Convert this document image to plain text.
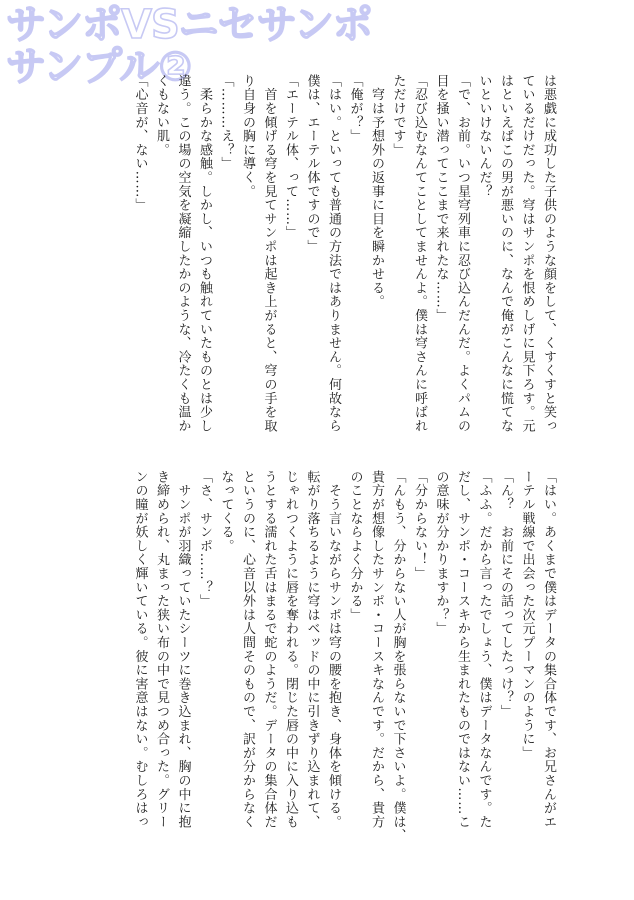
サンポVSニセサンポ
サンプル②
は悪戯に成功した子供のような顔をして、くすくすと笑っ
ているだけだった。穹はサンポを恨めしげに見下ろす。元
はといえばこの男が悪いのに、なんで俺がこんなに慌てな
いといけないんだ？
「で、お前。いつ星穹列車に忍び込んだんだ。よくパムの
目を掻い潜ってここまで来れたな……」
「忍び込むなんてことしてませんよ。僕は穹さんに呼ばれ
ただけです」
　穹は予想外の返事に目を瞬かせる。
「俺が？」
「はい。といっても普通の方法ではありません。何故なら
僕は、エーテル体ですので」
「エーテル体、って……」
　首を傾げる穹を見てサンポは起き上がると、穹の手を取
り自身の胸に導く。
「………え？」
　柔らかな感触。しかし、いつも触れていたものとは少し
違う。この場の空気を凝縮したかのような、冷たくも温か
くもない肌。
「心音が、ない……」
「はい。あくまで僕はデータの集合体です、お兄さんがエ
ーテル戦線で出会った次元プーマンのように」
「ん？　お前にその話ってしたっけ？」
「ふふ。だから言ったでしょう、僕はデータなんです。た
だし、サンポ・コースキから生まれたものではない……こ
の意味が分かりますか？」
「分からない！」
「んもう、分からない人が胸を張らないで下さいよ。僕は、
貴方が想像したサンポ・コースキなんです。だから、貴方
のことならよく分かる」
　そう言いながらサンポは穹の腰を抱き、身体を傾ける。
転がり落ちるように穹はベッドの中に引きずり込まれて、
じゃれつくように唇を奪われる。閉じた唇の中に入り込も
うとする濡れた舌はまるで蛇のようだ。データの集合体だ
というのに、心音以外は人間そのもので、訳が分からなく
なってくる。
「さ、サンポ……？」
　サンポが羽織っていたシーツに巻き込まれ、胸の中に抱
き締められ、丸まった狭い布の中で見つめ合った。グリー
ンの瞳が妖しく輝いている。彼に害意はない。むしろはっ
